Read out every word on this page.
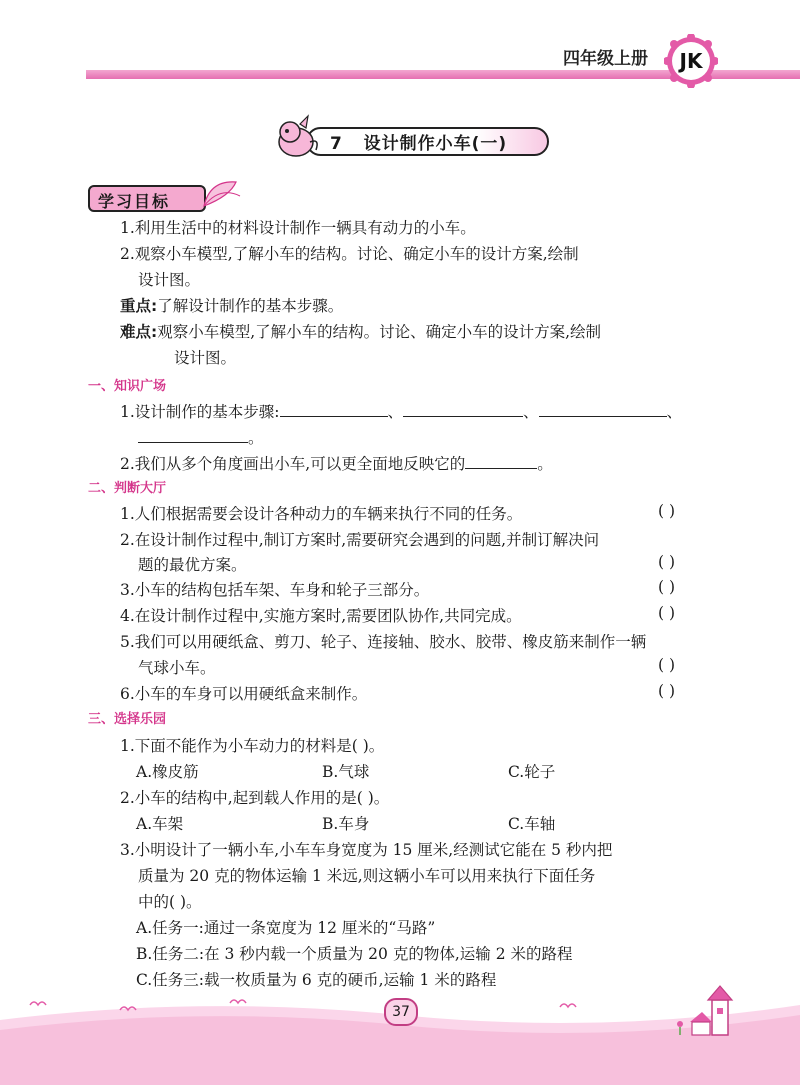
四年级上册	JK
7 设计制作小车(一)
学习目标
1.利用生活中的材料设计制作一辆具有动力的小车。
2.观察小车模型,了解小车的结构。讨论、确定小车的设计方案,绘制
设计图。
重点:了解设计制作的基本步骤。
难点:观察小车模型,了解小车的结构。讨论、确定小车的设计方案,绘制
设计图。
一、知识广场
1.设计制作的基本步骤:	、	、	、
。
2.我们从多个角度画出小车,可以更全面地反映它的	。
二、判断大厅
1.人们根据需要会设计各种动力的车辆来执行不同的任务。	( )
2.在设计制作过程中,制订方案时,需要研究会遇到的问题,并制订解决问
题的最优方案。	( )
3.小车的结构包括车架、车身和轮子三部分。	( )
4.在设计制作过程中,实施方案时,需要团队协作,共同完成。	( )
5.我们可以用硬纸盒、剪刀、轮子、连接轴、胶水、胶带、橡皮筋来制作一辆
气球小车。	( )
6.小车的车身可以用硬纸盒来制作。	( )
三、选择乐园
1.下面不能作为小车动力的材料是( )。
A.橡皮筋	B.气球	C.轮子
2.小车的结构中,起到载人作用的是( )。
A.车架	B.车身	C.车轴
3.小明设计了一辆小车,小车车身宽度为 15 厘米,经测试它能在 5 秒内把
质量为 20 克的物体运输 1 米远,则这辆小车可以用来执行下面任务
中的( )。
A.任务一:通过一条宽度为 12 厘米的“马路”
B.任务二:在 3 秒内载一个质量为 20 克的物体,运输 2 米的路程
C.任务三:载一枚质量为 6 克的硬币,运输 1 米的路程
37
